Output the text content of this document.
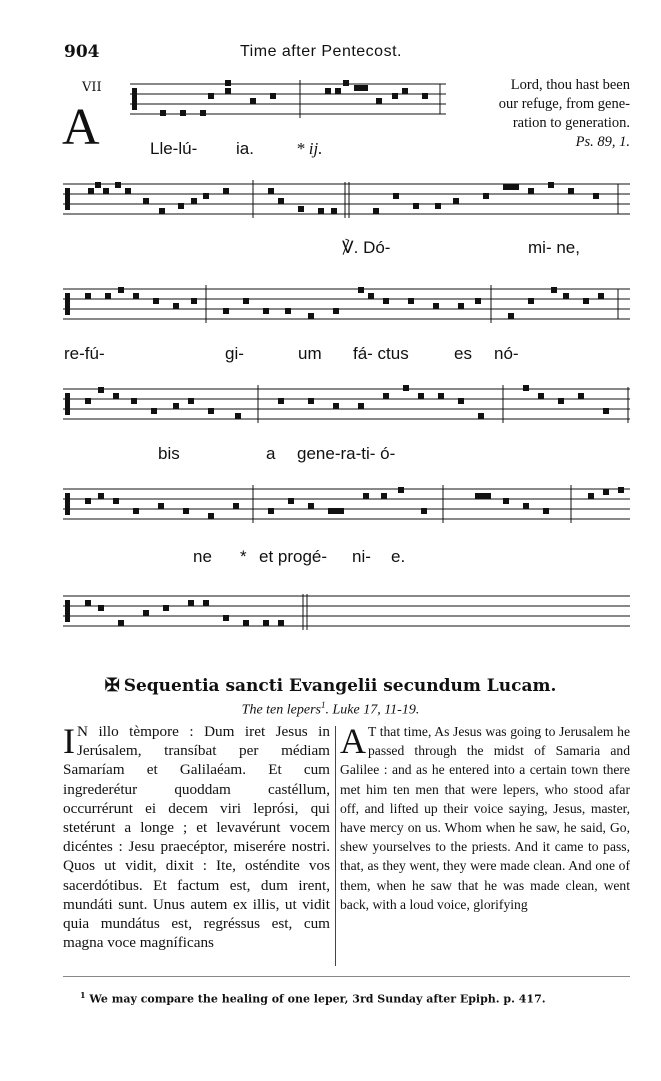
904	Time after Pentecost.
VII
A	Lle-lú- ia. * ij.
Lord, thou hast been
our refuge, from gene-
ration to generation.
Ps. 89, 1.
℣. Dó-	mi- ne,
re-fú-	gi-	um fá- ctus	es nó-
bis	a gene-ra-ti- ó-
ne * et progé- ni- e.
✠ Sequentia sancti Evangelii secundum Lucam.
The ten lepers$^1$. Luke 17, 11-19.
I N illo tèmpore : Dum iret Jesus in Jerúsalem, transíbat per médiam Samaríam et Galilaéam. Et cum ingrederétur quoddam castéllum, occurrérunt ei decem viri leprósi, qui stetérunt a longe ; et levavérunt vocem dicéntes : Jesu praecéptor, miserére nostri. Quos ut vidit, dixit : Ite, osténdite vos sacerdótibus. Et factum est, dum irent, mundáti sunt. Unus autem ex illis, ut vidit quia mundátus est, regréssus est, cum magna voce magníficans
A T that time, As Jesus was going to Jerusalem he passed through the midst of Samaria and Galilee : and as he entered into a certain town there met him ten men that were lepers, who stood afar off, and lifted up their voice saying, Jesus, master, have mercy on us. Whom when he saw, he said, Go, shew yourselves to the priests. And it came to pass, that, as they went, they were made clean. And one of them, when he saw that he was made clean, went back, with a loud voice, glorifying
$^1$ We may compare the healing of one leper, 3rd Sunday after Epiph. p. 417.
